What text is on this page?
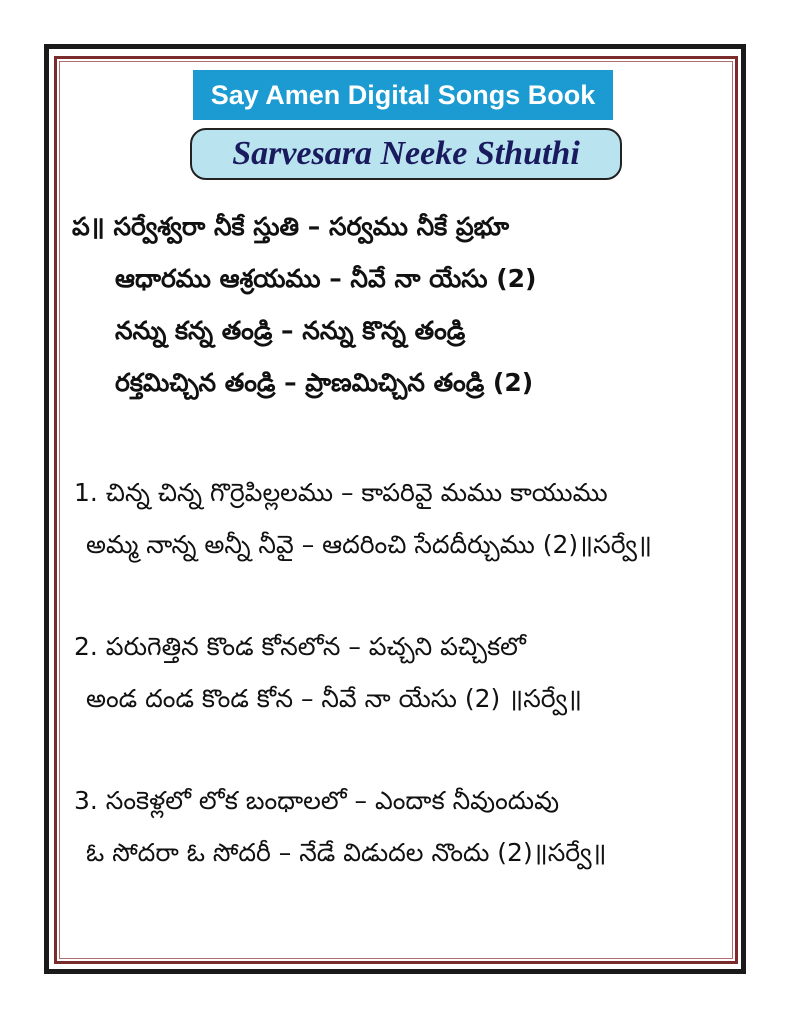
Say Amen Digital Songs Book
Sarvesara Neeke Sthuthi
ప॥ సర్వేశ్వరా నీకే స్తుతి – సర్వము నీకే ప్రభూ
ఆధారము ఆశ్రయము – నీవే నా యేసు (2)
నన్ను కన్న తండ్రి – నన్ను కొన్న తండ్రి
రక్తమిచ్చిన తండ్రి – ప్రాణమిచ్చిన తండ్రి (2)
1. చిన్న చిన్న గొర్రెపిల్లలము – కాపరివై మము కాయుము
అమ్మ నాన్న అన్నీ నీవై – ఆదరించి సేదదీర్చుము (2)॥సర్వే॥
2. పరుగెత్తిన కొండ కోనలోన – పచ్చని పచ్చికలో
అండ దండ కొండ కోన – నీవే నా యేసు (2) ॥సర్వే॥
3. సంకెళ్లలో లోక బంధాలలో – ఎందాక నీవుందువు
ఓ సోదరా ఓ సోదరీ – నేడే విడుదల నొందు (2)॥సర్వే॥
